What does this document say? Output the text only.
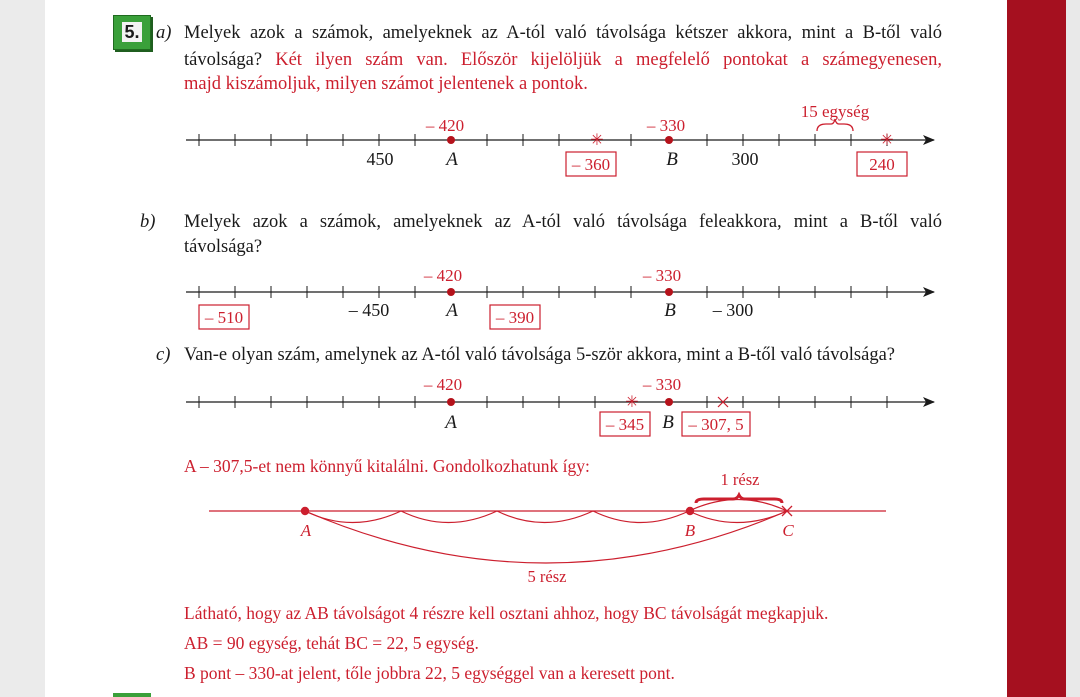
5. a) Melyek azok a számok, amelyeknek az A-tól való távolsága kétszer akkora, mint a B-től való
távolsága? Két ilyen szám van. Először kijelöljük a megfelelő pontokat a számegyenesen,
majd kiszámoljuk, milyen számot jelentenek a pontok.
b) Melyek azok a számok, amelyeknek az A-tól való távolsága feleakkora, mint a B-től való
távolsága?
c) Van-e olyan szám, amelynek az A-tól való távolsága 5-ször akkora, mint a B-től való távolsága?
A – 307,5-et nem könnyű kitalálni. Gondolkozhatunk így:
Látható, hogy az AB távolságot 4 részre kell osztani ahhoz, hogy BC távolságát megkapjuk.
AB = 90 egység, tehát BC = 22, 5 egység.
B pont – 330-at jelent, tőle jobbra 22, 5 egységgel van a keresett pont.
✳	✳
– 420	– 330
450	A	B	300
15 egység
– 360	240
– 420	– 330
– 450	A	B – 300
– 510	– 390
✳
– 420	– 330
A	B
– 345	– 307, 5
1 rész
A	B	C
5 rész
